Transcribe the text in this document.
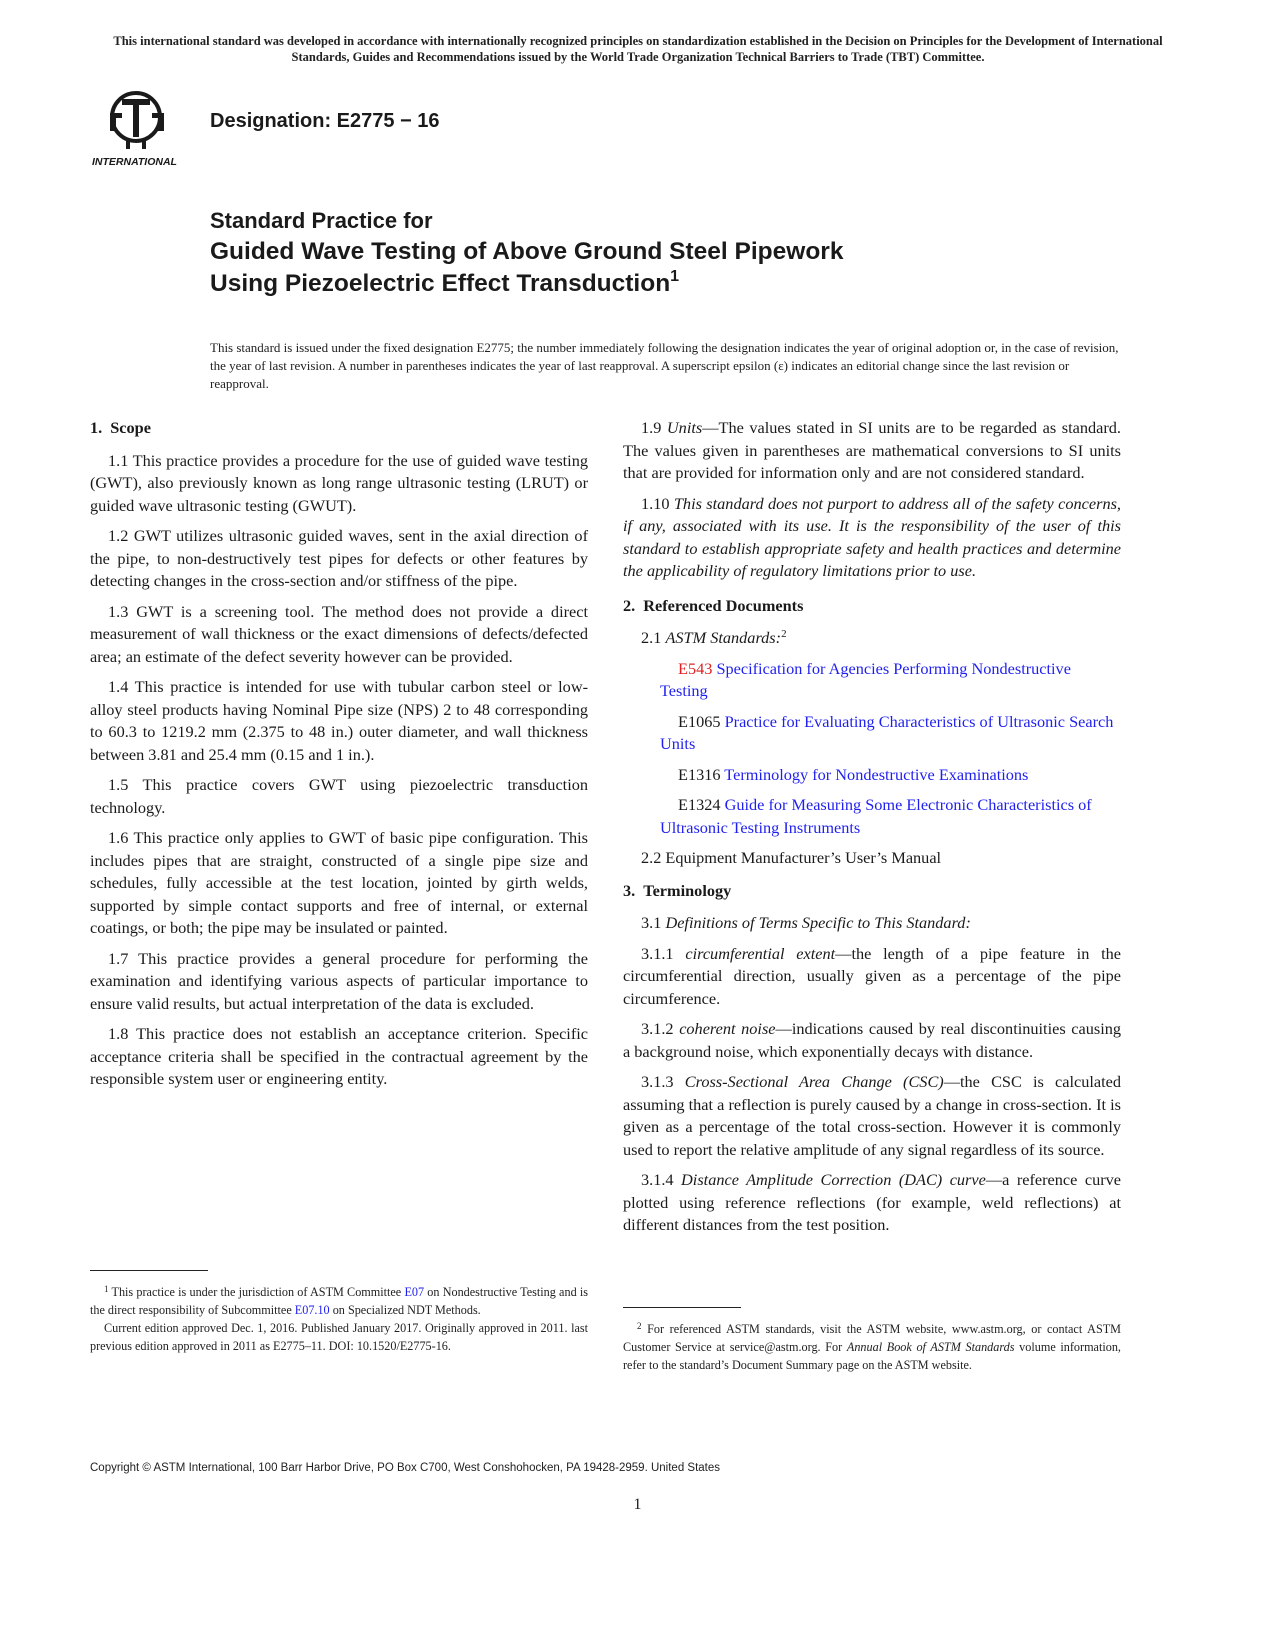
This international standard was developed in accordance with internationally recognized principles on standardization established in the Decision on Principles for the Development of International Standards, Guides and Recommendations issued by the World Trade Organization Technical Barriers to Trade (TBT) Committee.
INTERNATIONAL
Designation: E2775 − 16
Standard Practice for
Guided Wave Testing of Above Ground Steel Pipework
Using Piezoelectric Effect Transduction$^1$
This standard is issued under the fixed designation E2775; the number immediately following the designation indicates the year of original adoption or, in the case of revision, the year of last revision. A number in parentheses indicates the year of last reapproval. A superscript epsilon (ε) indicates an editorial change since the last revision or reapproval.
1. Scope

1.1 This practice provides a procedure for the use of guided wave testing (GWT), also previously known as long range ultrasonic testing (LRUT) or guided wave ultrasonic testing (GWUT).

1.2 GWT utilizes ultrasonic guided waves, sent in the axial direction of the pipe, to non-destructively test pipes for defects or other features by detecting changes in the cross-section and/or stiffness of the pipe.

1.3 GWT is a screening tool. The method does not provide a direct measurement of wall thickness or the exact dimensions of defects/defected area; an estimate of the defect severity however can be provided.

1.4 This practice is intended for use with tubular carbon steel or low-alloy steel products having Nominal Pipe size (NPS) 2 to 48 corresponding to 60.3 to 1219.2 mm (2.375 to 48 in.) outer diameter, and wall thickness between 3.81 and 25.4 mm (0.15 and 1 in.).

1.5 This practice covers GWT using piezoelectric transduction technology.

1.6 This practice only applies to GWT of basic pipe configuration. This includes pipes that are straight, constructed of a single pipe size and schedules, fully accessible at the test location, jointed by girth welds, supported by simple contact supports and free of internal, or external coatings, or both; the pipe may be insulated or painted.

1.7 This practice provides a general procedure for performing the examination and identifying various aspects of particular importance to ensure valid results, but actual interpretation of the data is excluded.

1.8 This practice does not establish an acceptance criterion. Specific acceptance criteria shall be specified in the contractual agreement by the responsible system user or engineering entity.

$^1$ This practice is under the jurisdiction of ASTM Committee E07 on Nondestructive Testing and is the direct responsibility of Subcommittee E07.10 on Specialized NDT Methods.

Current edition approved Dec. 1, 2016. Published January 2017. Originally approved in 2011. last previous edition approved in 2011 as E2775–11. DOI: 10.1520/E2775-16.

1.9 Units—The values stated in SI units are to be regarded as standard. The values given in parentheses are mathematical conversions to SI units that are provided for information only and are not considered standard.

1.10 This standard does not purport to address all of the safety concerns, if any, associated with its use. It is the responsibility of the user of this standard to establish appropriate safety and health practices and determine the applicability of regulatory limitations prior to use.

2. Referenced Documents

2.1 ASTM Standards:$^2$

E543 Specification for Agencies Performing Nondestructive Testing

E1065 Practice for Evaluating Characteristics of Ultrasonic Search Units

E1316 Terminology for Nondestructive Examinations

E1324 Guide for Measuring Some Electronic Characteristics of Ultrasonic Testing Instruments

2.2 Equipment Manufacturer’s User’s Manual

3. Terminology

3.1 Definitions of Terms Specific to This Standard:

3.1.1 circumferential extent—the length of a pipe feature in the circumferential direction, usually given as a percentage of the pipe circumference.

3.1.2 coherent noise—indications caused by real discontinuities causing a background noise, which exponentially decays with distance.

3.1.3 Cross-Sectional Area Change (CSC)—the CSC is calculated assuming that a reflection is purely caused by a change in cross-section. It is given as a percentage of the total cross-section. However it is commonly used to report the relative amplitude of any signal regardless of its source.

3.1.4 Distance Amplitude Correction (DAC) curve—a reference curve plotted using reference reflections (for example, weld reflections) at different distances from the test position.

$^2$ For referenced ASTM standards, visit the ASTM website, www.astm.org, or contact ASTM Customer Service at service@astm.org. For Annual Book of ASTM Standards volume information, refer to the standard’s Document Summary page on the ASTM website.

Copyright © ASTM International, 100 Barr Harbor Drive, PO Box C700, West Conshohocken, PA 19428-2959. United States
1
